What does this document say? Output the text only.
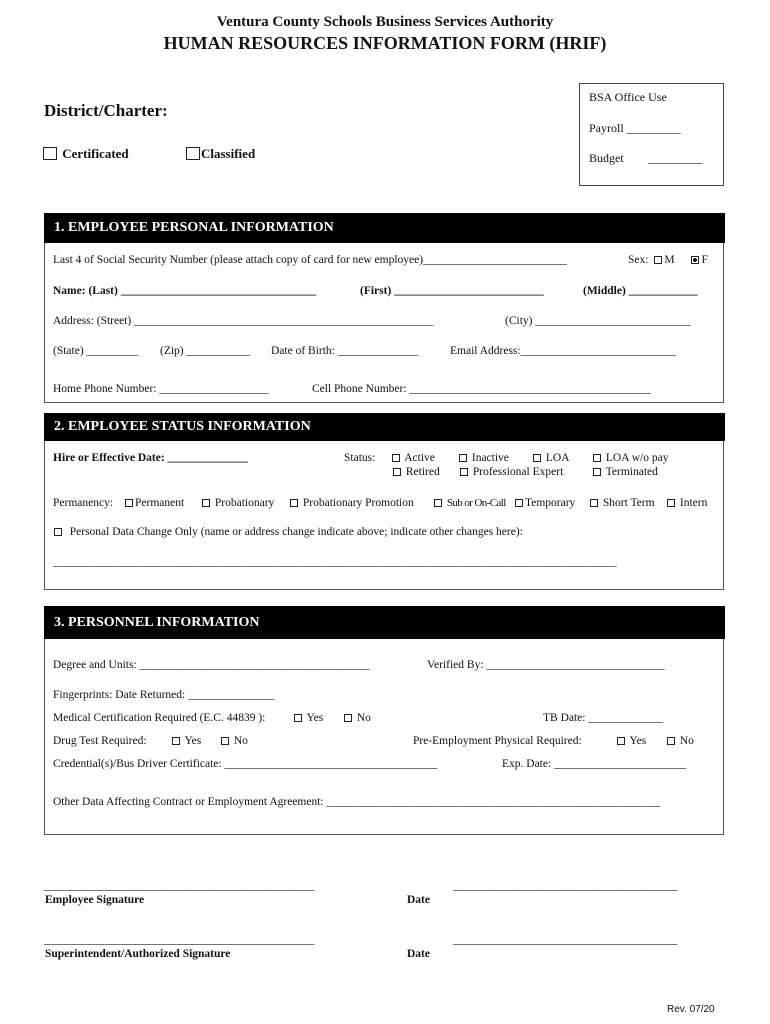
Ventura County Schools Business Services Authority
HUMAN RESOURCES INFORMATION FORM (HRIF)
District/Charter:
Certificated	Classified
BSA Office Use
Payroll _________
Budget _________
1. EMPLOYEE PERSONAL INFORMATION
Last 4 of Social Security Number (please attach copy of card for new employee)_________________________	Sex: M F
Name: (Last) __________________________________	(First) __________________________	(Middle) ____________
Address: (Street) ____________________________________________________	(City) ___________________________
(State) _________ (Zip) ___________ Date of Birth: ______________	Email Address:___________________________
Home Phone Number: ___________________	Cell Phone Number: __________________________________________
2. EMPLOYEE STATUS INFORMATION
Hire or Effective Date: ______________	Status:	Active	Inactive	LOA	LOA w/o pay
Retired	Professional Expert	Terminated
Permanency:	Permanent	Probationary	Probationary Promotion	Sub or On-Call	Temporary	Short Term	Intern
Personal Data Change Only (name or address change indicate above; indicate other changes here):
__________________________________________________________________________________________________
3. PERSONNEL INFORMATION
Degree and Units: ________________________________________	Verified By: _______________________________
Fingerprints: Date Returned: _______________
Medical Certification Required (E.C. 44839 ):	Yes	No	TB Date: _____________
Drug Test Required:	Yes	No	Pre-Employment Physical Required:	Yes	No
Credential(s)/Bus Driver Certificate: _____________________________________	Exp. Date: _______________________
Other Data Affecting Contract or Employment Agreement: __________________________________________________________
_______________________________________________	_______________________________________
Employee Signature	Date
_______________________________________________	_______________________________________
Superintendent/Authorized Signature	Date
Rev. 07/20
